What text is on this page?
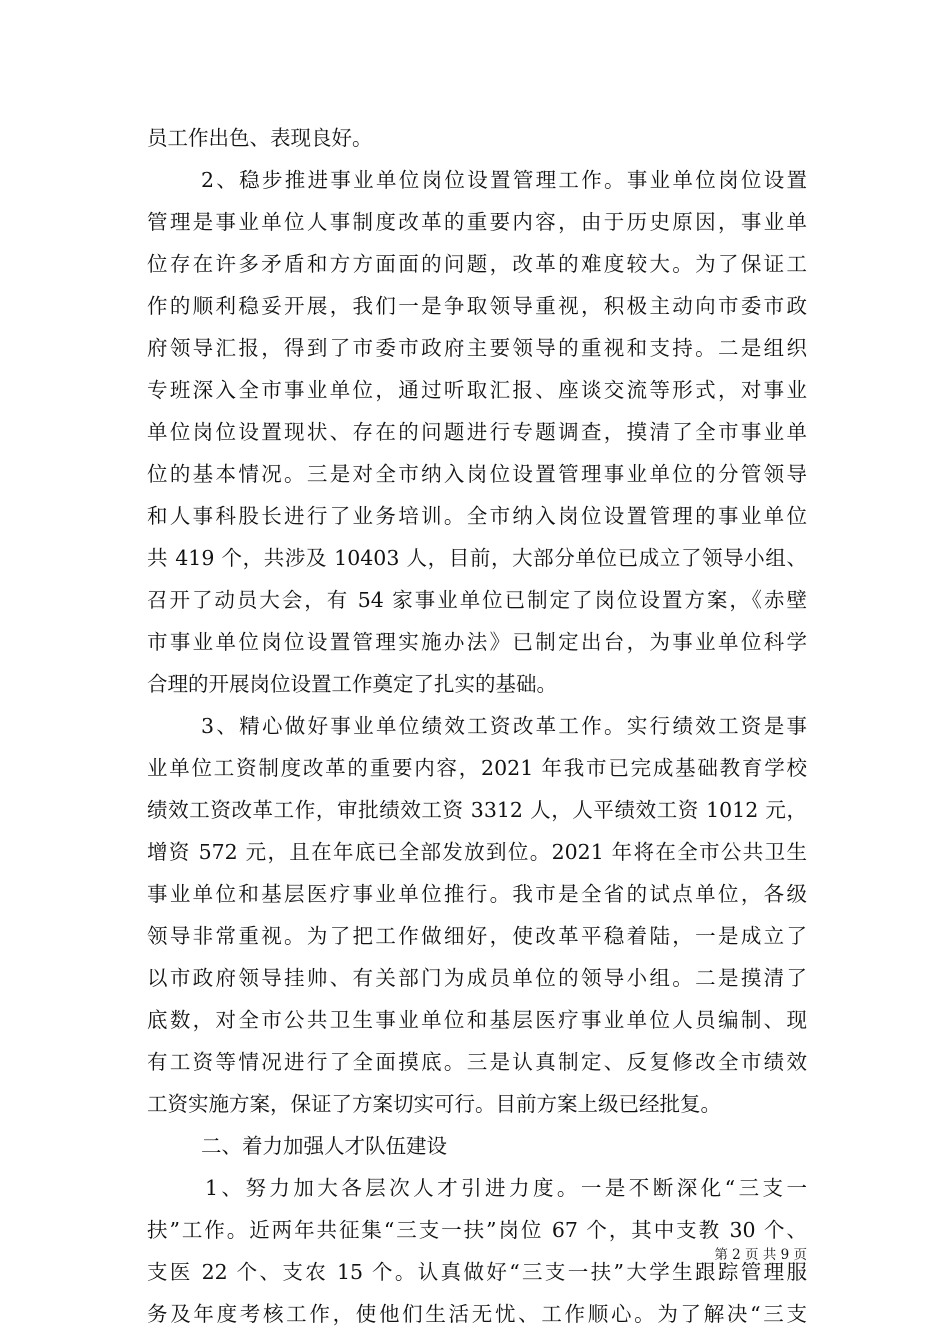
员工作出色、表现良好。
2、稳步推进事业单位岗位设置管理工作。事业单位岗位设置
管理是事业单位人事制度改革的重要内容，由于历史原因，事业单
位存在许多矛盾和方方面面的问题，改革的难度较大。为了保证工
作的顺利稳妥开展，我们一是争取领导重视，积极主动向市委市政
府领导汇报，得到了市委市政府主要领导的重视和支持。二是组织
专班深入全市事业单位，通过听取汇报、座谈交流等形式，对事业
单位岗位设置现状、存在的问题进行专题调查，摸清了全市事业单
位的基本情况。三是对全市纳入岗位设置管理事业单位的分管领导
和人事科股长进行了业务培训。全市纳入岗位设置管理的事业单位
共 419 个，共涉及 10403 人，目前，大部分单位已成立了领导小组、
召开了动员大会，有 54 家事业单位已制定了岗位设置方案，《赤壁
市事业单位岗位设置管理实施办法》已制定出台，为事业单位科学
合理的开展岗位设置工作奠定了扎实的基础。
3、精心做好事业单位绩效工资改革工作。实行绩效工资是事
业单位工资制度改革的重要内容，2021 年我市已完成基础教育学校
绩效工资改革工作，审批绩效工资 3312 人，人平绩效工资 1012 元，
增资 572 元，且在年底已全部发放到位。2021 年将在全市公共卫生
事业单位和基层医疗事业单位推行。我市是全省的试点单位，各级
领导非常重视。为了把工作做细好，使改革平稳着陆，一是成立了
以市政府领导挂帅、有关部门为成员单位的领导小组。二是摸清了
底数，对全市公共卫生事业单位和基层医疗事业单位人员编制、现
有工资等情况进行了全面摸底。三是认真制定、反复修改全市绩效
工资实施方案，保证了方案切实可行。目前方案上级已经批复。
二、着力加强人才队伍建设
1、努力加大各层次人才引进力度。一是不断深化“三支一
扶”工作。近两年共征集“三支一扶”岗位 67 个，其中支教 30 个、
支医 22 个、支农 15 个。认真做好“三支一扶”大学生跟踪管理服
务及年度考核工作，使他们生活无忧、工作顺心。为了解决“三支
第 2 页 共 9 页
